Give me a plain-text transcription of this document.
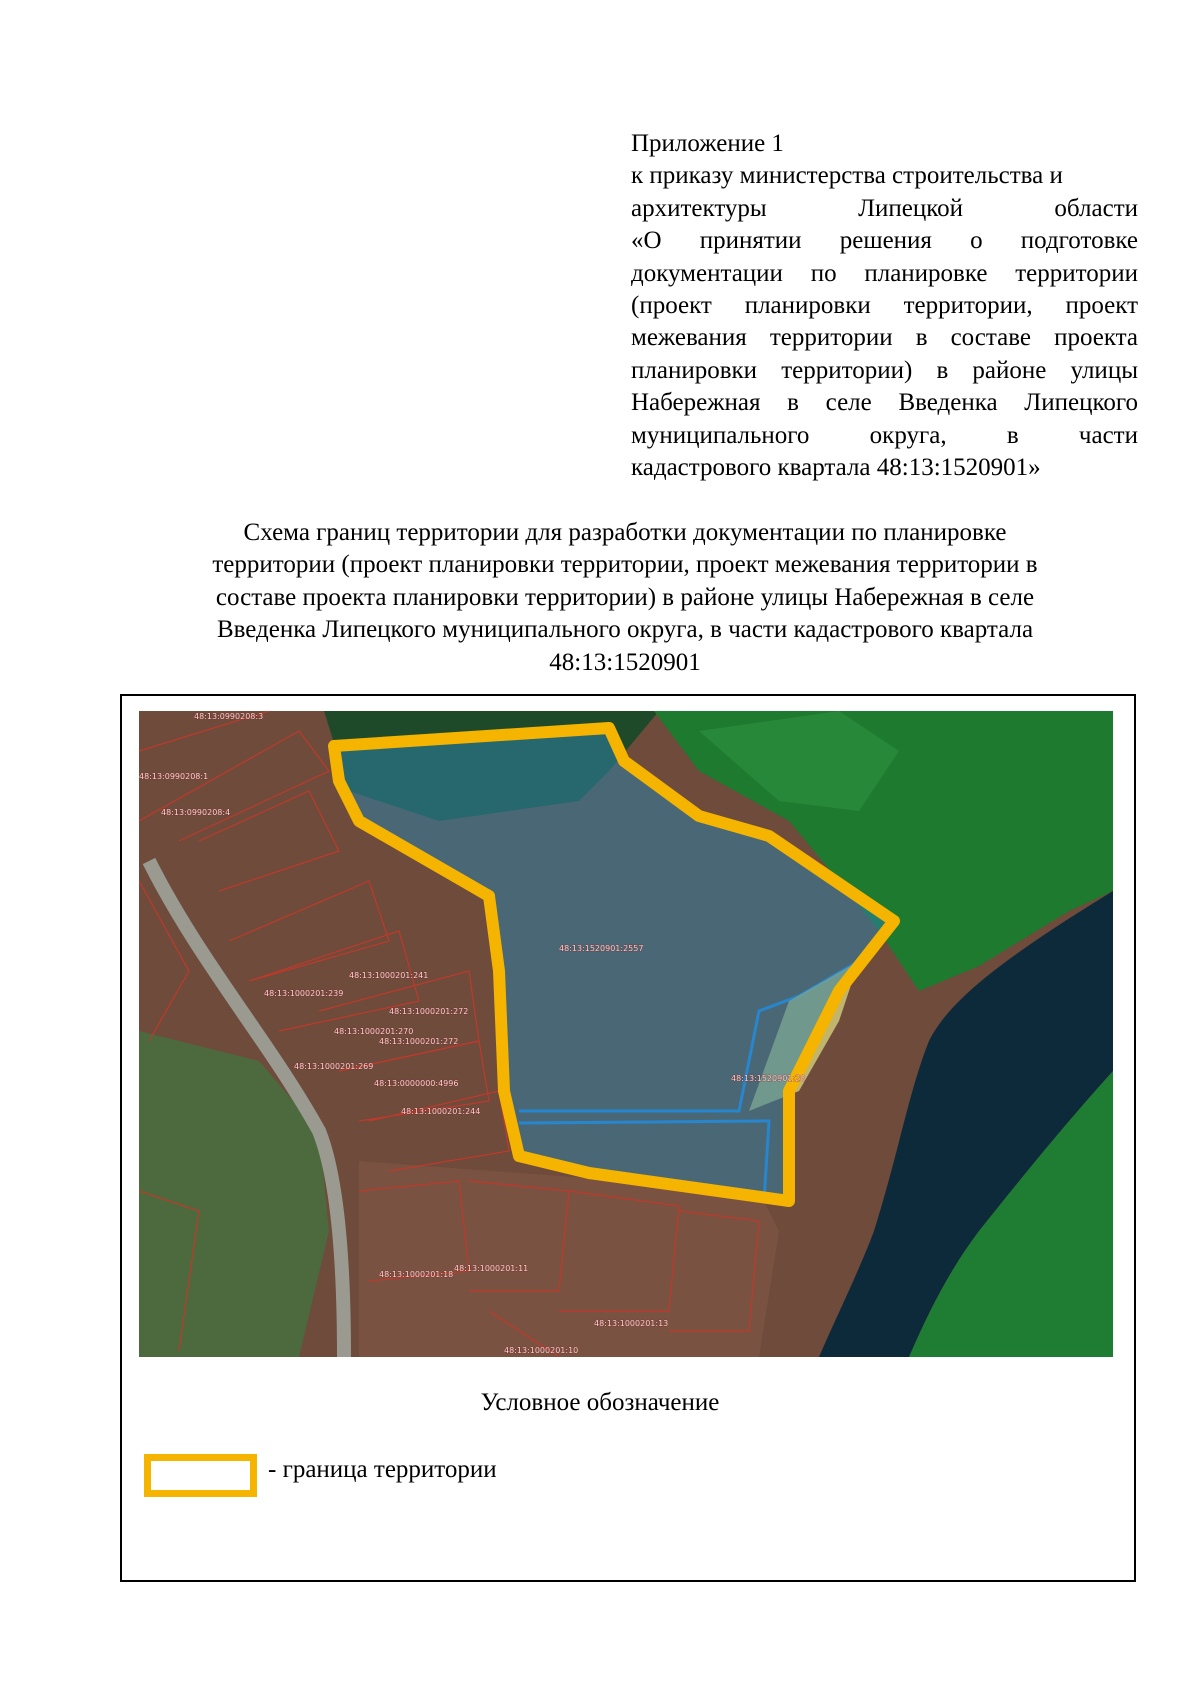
Приложение 1
к приказу министерства строительства и
архитектуры Липецкой области
«О принятии решения о подготовке
документации по планировке территории
(проект планировки территории, проект
межевания территории в составе проекта
планировки территории) в районе улицы
Набережная в селе Введенка Липецкого
муниципального округа, в части
кадастрового квартала 48:13:1520901»
Схема границ территории для разработки документации по планировке
территории (проект планировки территории, проект межевания территории в
составе проекта планировки территории) в районе улицы Набережная в селе
Введенка Липецкого муниципального округа, в части кадастрового квартала
48:13:1520901
48:13:0990208:3
48:13:0990208:1
48:13:0990208:4
48:13:1520901:2557
48:13:1000201:241
48:13:1000201:239
48:13:1000201:272
48:13:1000201:270
48:13:1000201:272
48:13:1000201:269
48:13:0000000:4996
48:13:1000201:244
48:13:1520901:28
48:13:1000201:18
48:13:1000201:11
48:13:1000201:13
48:13:1000201:10
Условное обозначение
- граница территории
